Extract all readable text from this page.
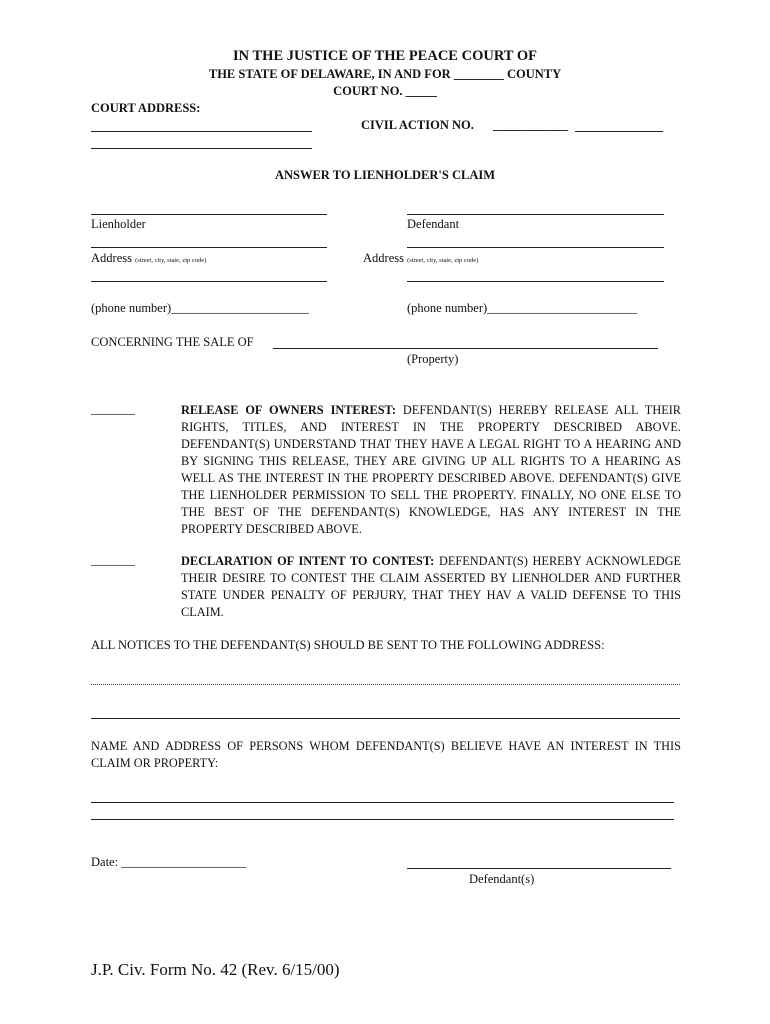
IN THE JUSTICE OF THE PEACE COURT OF
THE STATE OF DELAWARE, IN AND FOR ________ COUNTY
COURT NO. _____
COURT ADDRESS:
CIVIL ACTION NO. ____________
ANSWER TO LIENHOLDER'S CLAIM
Lienholder	Defendant
Address (street, city, state, zip code)	Address (street, city, state, zip code)
(phone number)______________________	(phone number)________________________
CONCERNING THE SALE OF
(Property)
_______	RELEASE OF OWNERS INTEREST: DEFENDANT(S) HEREBY RELEASE ALL THEIR RIGHTS, TITLES, AND INTEREST IN THE PROPERTY DESCRIBED ABOVE. DEFENDANT(S) UNDERSTAND THAT THEY HAVE A LEGAL RIGHT TO A HEARING AND BY SIGNING THIS RELEASE, THEY ARE GIVING UP ALL RIGHTS TO A HEARING AS WELL AS THE INTEREST IN THE PROPERTY DESCRIBED ABOVE. DEFENDANT(S) GIVE THE LIENHOLDER PERMISSION TO SELL THE PROPERTY. FINALLY, NO ONE ELSE TO THE BEST OF THE DEFENDANT(S) KNOWLEDGE, HAS ANY INTEREST IN THE PROPERTY DESCRIBED ABOVE.
_______	DECLARATION OF INTENT TO CONTEST: DEFENDANT(S) HEREBY ACKNOWLEDGE THEIR DESIRE TO CONTEST THE CLAIM ASSERTED BY LIENHOLDER AND FURTHER STATE UNDER PENALTY OF PERJURY, THAT THEY HAV A VALID DEFENSE TO THIS CLAIM.
ALL NOTICES TO THE DEFENDANT(S) SHOULD BE SENT TO THE FOLLOWING ADDRESS:
NAME AND ADDRESS OF PERSONS WHOM DEFENDANT(S) BELIEVE HAVE AN INTEREST IN THIS CLAIM OR PROPERTY:
Date: ____________________
Defendant(s)
J.P. Civ. Form No. 42 (Rev. 6/15/00)
